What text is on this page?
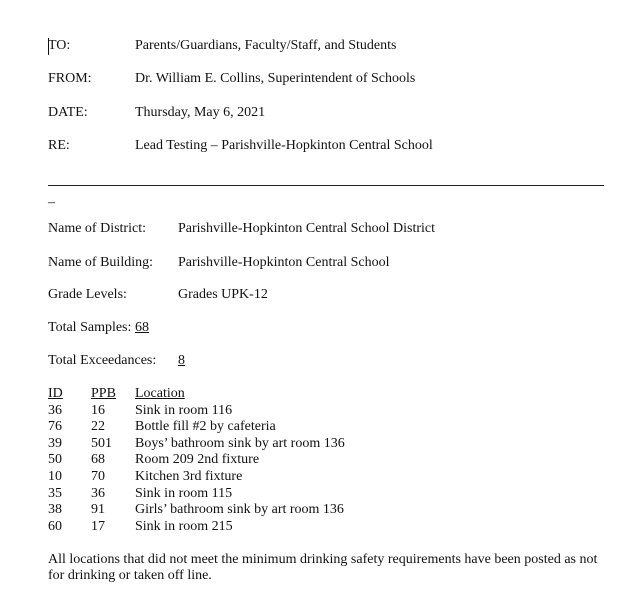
TO:	Parents/Guardians, Faculty/Staff, and Students
FROM:	Dr. William E. Collins, Superintendent of Schools
DATE:	Thursday, May 6, 2021
RE:	Lead Testing – Parishville-Hopkinton Central School
–
Name of District: Parishville-Hopkinton Central School District
Name of Building: Parishville-Hopkinton Central School
Grade Levels:	Grades UPK-12
Total Samples: 68
Total Exceedances: 8
ID	PPB	Location
36	16	Sink in room 116
76	22	Bottle fill #2 by cafeteria
39	501	Boys’ bathroom sink by art room 136
50	68	Room 209 2nd fixture
10	70	Kitchen 3rd fixture
35	36	Sink in room 115
38	91	Girls’ bathroom sink by art room 136
60	17	Sink in room 215
All locations that did not meet the minimum drinking safety requirements have been posted as not for drinking or taken off line.
